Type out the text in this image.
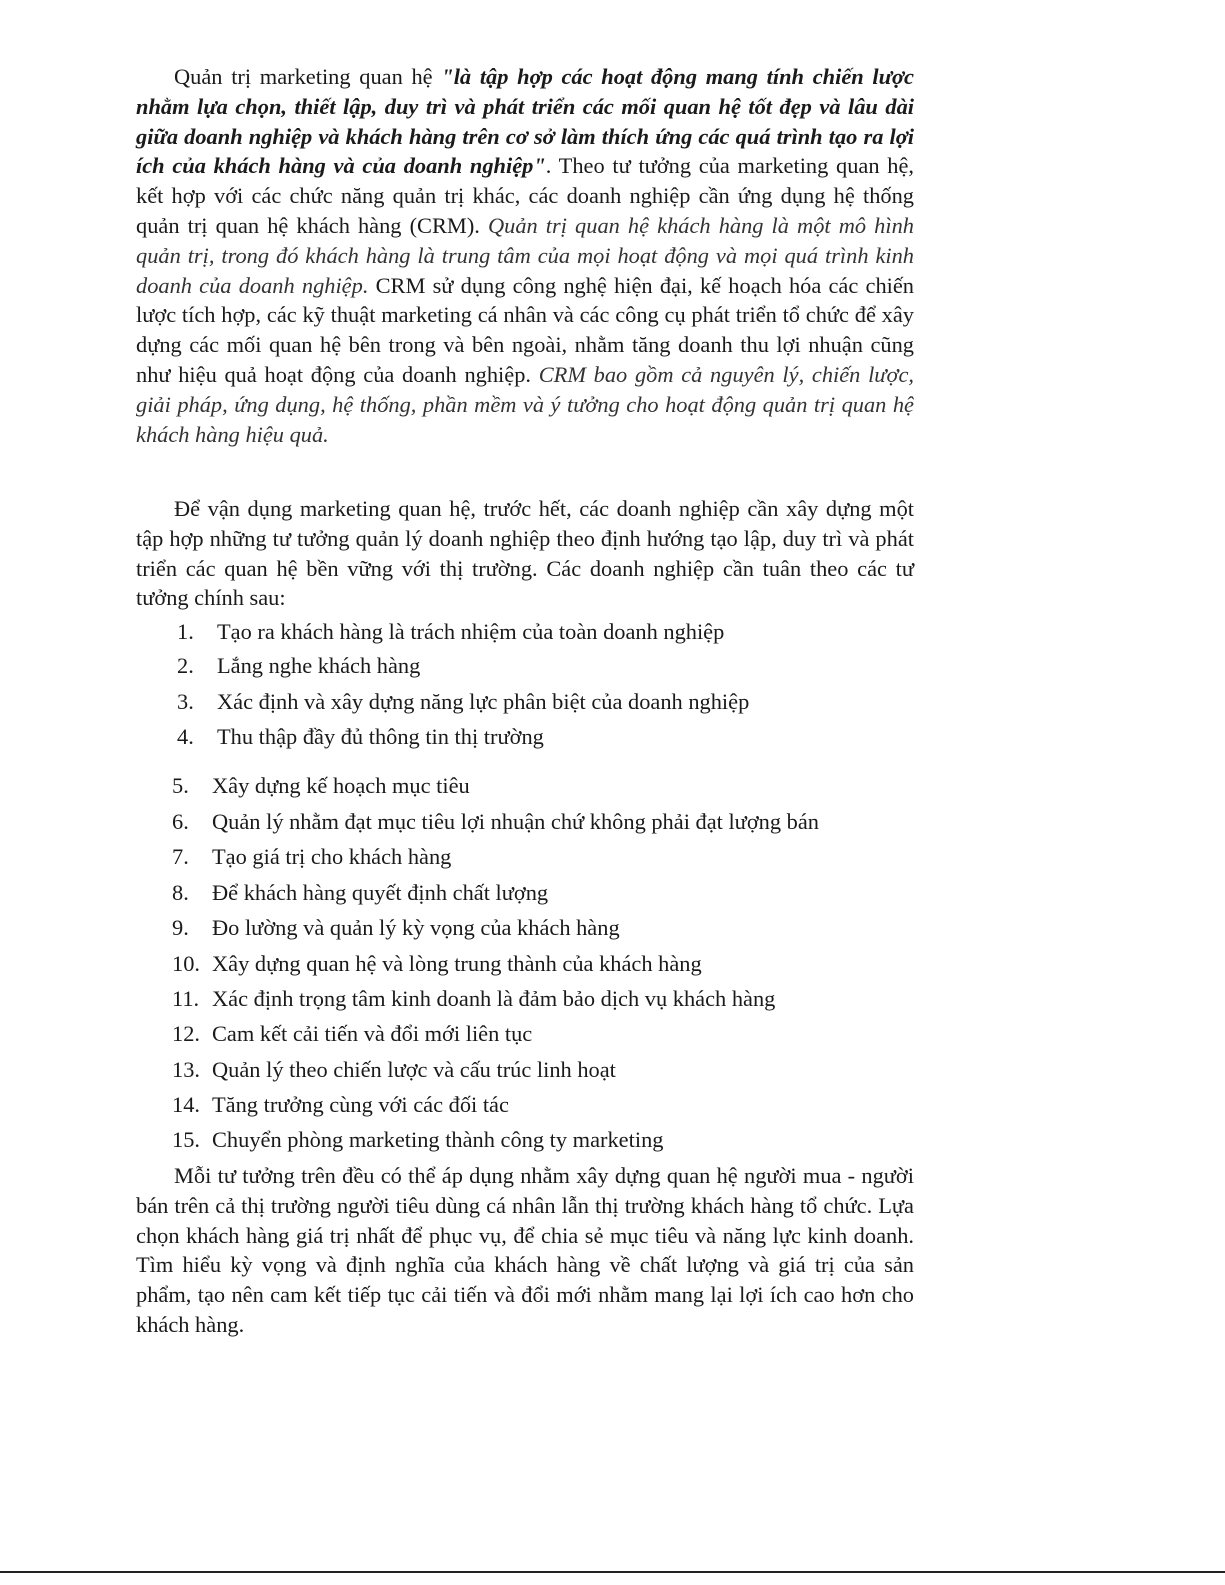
Quản trị marketing quan hệ "là tập hợp các hoạt động mang tính chiến lược nhằm lựa chọn, thiết lập, duy trì và phát triển các mối quan hệ tốt đẹp và lâu dài giữa doanh nghiệp và khách hàng trên cơ sở làm thích ứng các quá trình tạo ra lợi ích của khách hàng và của doanh nghiệp". Theo tư tưởng của marketing quan hệ, kết hợp với các chức năng quản trị khác, các doanh nghiệp cần ứng dụng hệ thống quản trị quan hệ khách hàng (CRM). Quản trị quan hệ khách hàng là một mô hình quản trị, trong đó khách hàng là trung tâm của mọi hoạt động và mọi quá trình kinh doanh của doanh nghiệp. CRM sử dụng công nghệ hiện đại, kế hoạch hóa các chiến lược tích hợp, các kỹ thuật marketing cá nhân và các công cụ phát triển tổ chức để xây dựng các mối quan hệ bên trong và bên ngoài, nhằm tăng doanh thu lợi nhuận cũng như hiệu quả hoạt động của doanh nghiệp. CRM bao gồm cả nguyên lý, chiến lược, giải pháp, ứng dụng, hệ thống, phần mềm và ý tưởng cho hoạt động quản trị quan hệ khách hàng hiệu quả.

Để vận dụng marketing quan hệ, trước hết, các doanh nghiệp cần xây dựng một tập hợp những tư tưởng quản lý doanh nghiệp theo định hướng tạo lập, duy trì và phát triển các quan hệ bền vững với thị trường. Các doanh nghiệp cần tuân theo các tư tưởng chính sau:

1. Tạo ra khách hàng là trách nhiệm của toàn doanh nghiệp
2. Lắng nghe khách hàng
3. Xác định và xây dựng năng lực phân biệt của doanh nghiệp
4. Thu thập đầy đủ thông tin thị trường
5. Xây dựng kế hoạch mục tiêu
6. Quản lý nhằm đạt mục tiêu lợi nhuận chứ không phải đạt lượng bán
7. Tạo giá trị cho khách hàng
8. Để khách hàng quyết định chất lượng
9. Đo lường và quản lý kỳ vọng của khách hàng
10. Xây dựng quan hệ và lòng trung thành của khách hàng
11. Xác định trọng tâm kinh doanh là đảm bảo dịch vụ khách hàng
12. Cam kết cải tiến và đổi mới liên tục
13. Quản lý theo chiến lược và cấu trúc linh hoạt
14. Tăng trưởng cùng với các đối tác
15. Chuyển phòng marketing thành công ty marketing

Mỗi tư tưởng trên đều có thể áp dụng nhằm xây dựng quan hệ người mua - người bán trên cả thị trường người tiêu dùng cá nhân lẫn thị trường khách hàng tổ chức. Lựa chọn khách hàng giá trị nhất để phục vụ, để chia sẻ mục tiêu và năng lực kinh doanh. Tìm hiểu kỳ vọng và định nghĩa của khách hàng về chất lượng và giá trị của sản phẩm, tạo nên cam kết tiếp tục cải tiến và đổi mới nhằm mang lại lợi ích cao hơn cho khách hàng.
